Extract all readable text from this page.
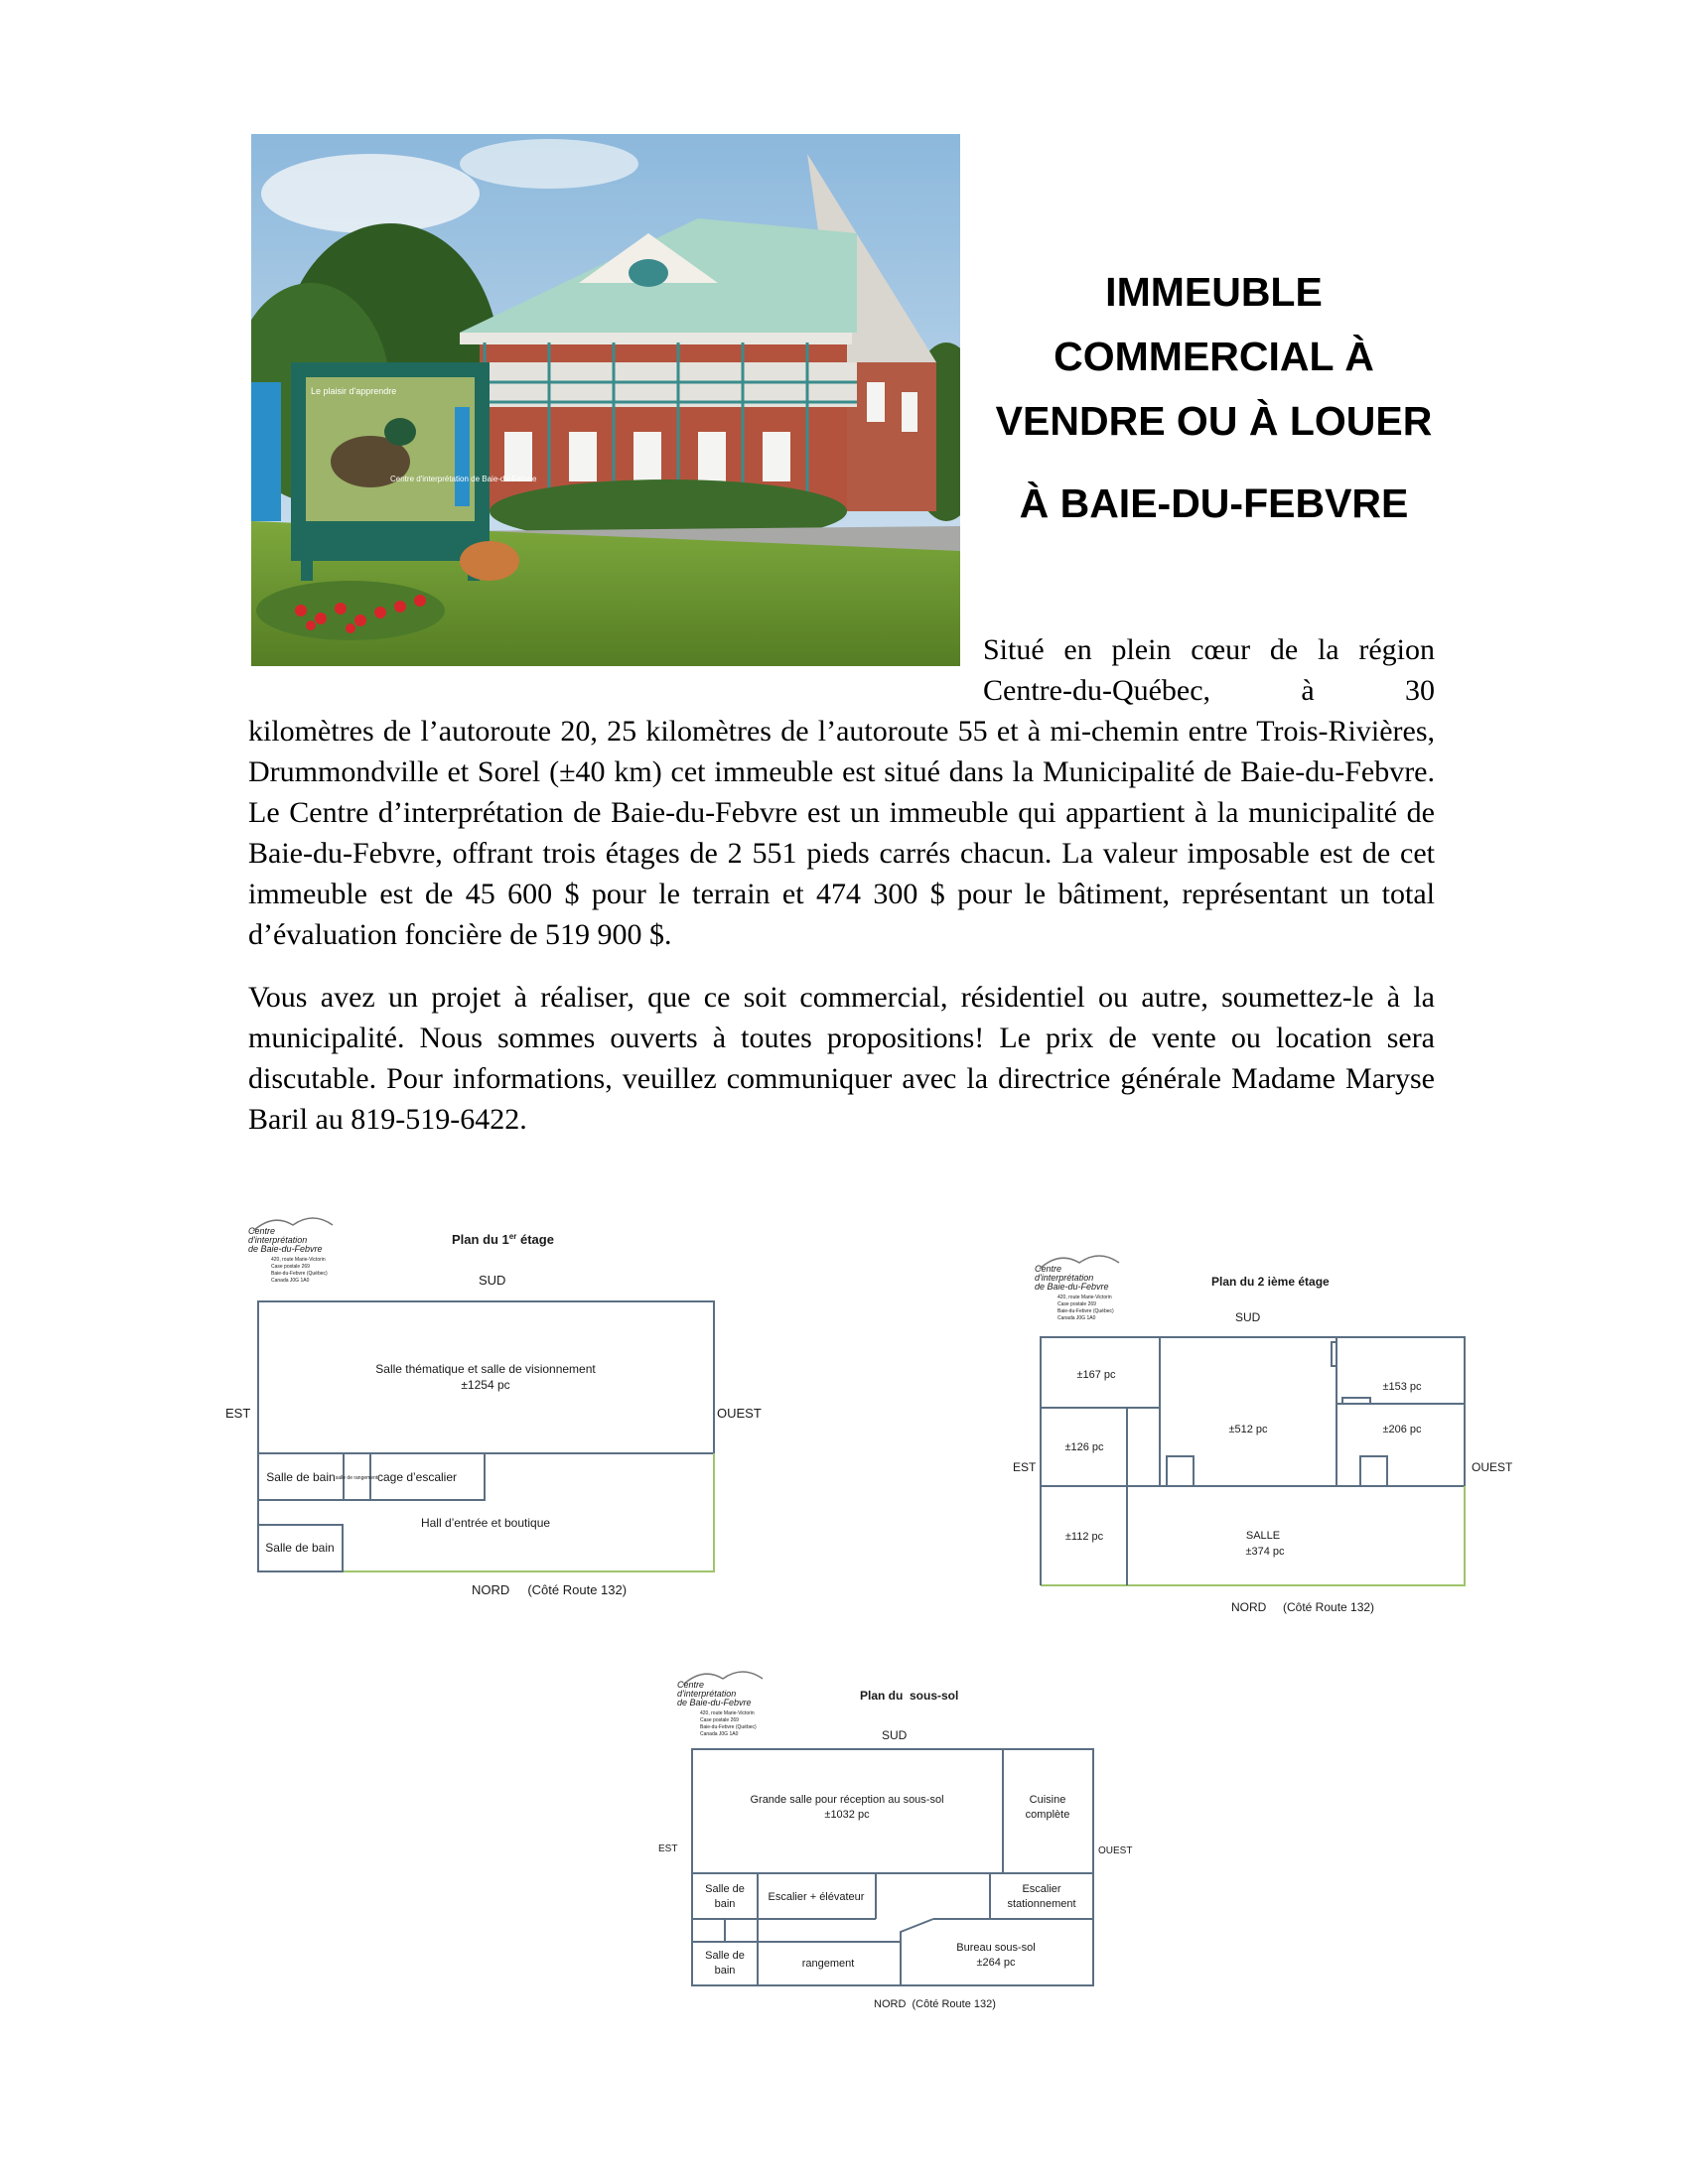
Le plaisir d'apprendre
Centre d'interprétation de Baie-du-Febvre
IMMEUBLE
COMMERCIAL À
VENDRE OU À LOUER
À BAIE-DU-FEBVRE
Situé en plein cœur de la région Centre-du-Québec, à 30
kilomètres de l’autoroute 20, 25 kilomètres de l’autoroute 55 et à mi-chemin entre Trois-Rivières, Drummondville et Sorel (±40 km) cet immeuble est situé dans la Municipalité de Baie-du-Febvre. Le Centre d’interprétation de Baie-du-Febvre est un immeuble qui appartient à la municipalité de Baie-du-Febvre, offrant trois étages de 2 551 pieds carrés chacun. La valeur imposable est de cet immeuble est de 45 600 $ pour le terrain et 474 300 $ pour le bâtiment, représentant un total d’évaluation foncière de 519 900 $.
Vous avez un projet à réaliser, que ce soit commercial, résidentiel ou autre, soumettez-le à la municipalité. Nous sommes ouverts à toutes propositions! Le prix de vente ou location sera discutable. Pour informations, veuillez communiquer avec la directrice générale Madame Maryse Baril au 819-519-6422.
Centre
d'interprétation
de Baie-du-Febvre
420, route Marie-Victorin
Case postale 269
Baie-du-Febvre (Québec)
Canada J0G 1A0
Plan du 1er étage
SUD
EST	OUEST
NORD     (Côté Route 132)
Salle thématique et salle de visionnement
±1254 pc
Salle de bain salle de rangement cage d’escalier
Hall d’entrée et boutique
Salle de bain
Centre
d'interprétation
de Baie-du-Febvre
420, route Marie-Victorin
Case postale 269
Baie-du-Febvre (Québec)
Canada J0G 1A0
Plan du 2 ième étage
SUD
EST	OUEST
NORD     (Côté Route 132)
±167 pc
±126 pc
±112 pc
±512 pc
±153 pc
±206 pc
SALLE
±374 pc
Centre
d'interprétation
de Baie-du-Febvre
420, route Marie-Victorin
Case postale 269
Baie-du-Febvre (Québec)
Canada J0G 1A0
Plan du  sous-sol
SUD
EST	OUEST
NORD  (Côté Route 132)
Grande salle pour réception au sous-sol
±1032 pc
Cuisine
complète
Salle de
bain
Escalier + élévateur
Escalier
stationnement
Salle de
bain
rangement
Bureau sous-sol
±264 pc
